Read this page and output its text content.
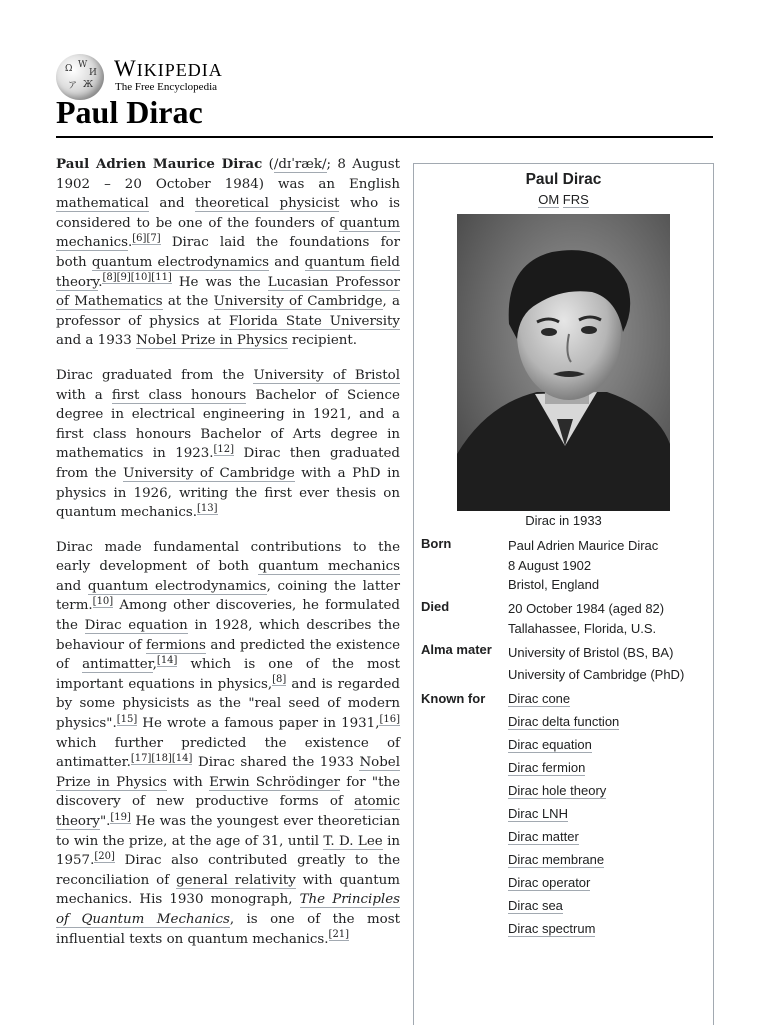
Ω W
И
ア Ж
WIKIPEDIA
The Free Encyclopedia
Paul Dirac

Paul Adrien Maurice Dirac (/dɪˈræk/; 8 August 1902 – 20 October 1984) was an English mathematical and theoretical physicist who is considered to be one of the founders of quantum mechanics.[6][7] Dirac laid the foundations for both quantum electrodynamics and quantum field theory.[8][9][10][11] He was the Lucasian Professor of Mathematics at the University of Cambridge, a professor of physics at Florida State University and a 1933 Nobel Prize in Physics recipient.

Dirac graduated from the University of Bristol with a first class honours Bachelor of Science degree in electrical engineering in 1921, and a first class honours Bachelor of Arts degree in mathematics in 1923.[12] Dirac then graduated from the University of Cambridge with a PhD in physics in 1926, writing the first ever thesis on quantum mechanics.[13]

Dirac made fundamental contributions to the early development of both quantum mechanics and quantum electrodynamics, coining the latter term.[10] Among other discoveries, he formulated the Dirac equation in 1928, which describes the behaviour of fermions and predicted the existence of antimatter,[14] which is one of the most important equations in physics,[8] and is regarded by some physicists as the "real seed of modern physics".[15] He wrote a famous paper in 1931,[16] which further predicted the existence of antimatter.[17][18][14] Dirac shared the 1933 Nobel Prize in Physics with Erwin Schrödinger for "the discovery of new productive forms of atomic theory".[19] He was the youngest ever theoretician to win the prize, at the age of 31, until T. D. Lee in 1957.[20] Dirac also contributed greatly to the reconciliation of general relativity with quantum mechanics. His 1930 monograph, The Principles of Quantum Mechanics, is one of the most influential texts on quantum mechanics.[21]

Paul Dirac
OM FRS
Dirac in 1933
Born	Paul Adrien Maurice Dirac
8 August 1902
Bristol, England
Died	20 October 1984 (aged 82)
Tallahassee, Florida, U.S.
Alma mater University of Bristol (BS, BA)
University of Cambridge (PhD)
Known for Dirac cone
Dirac delta function
Dirac equation
Dirac fermion
Dirac hole theory
Dirac LNH
Dirac matter
Dirac membrane
Dirac operator
Dirac sea
Dirac spectrum
